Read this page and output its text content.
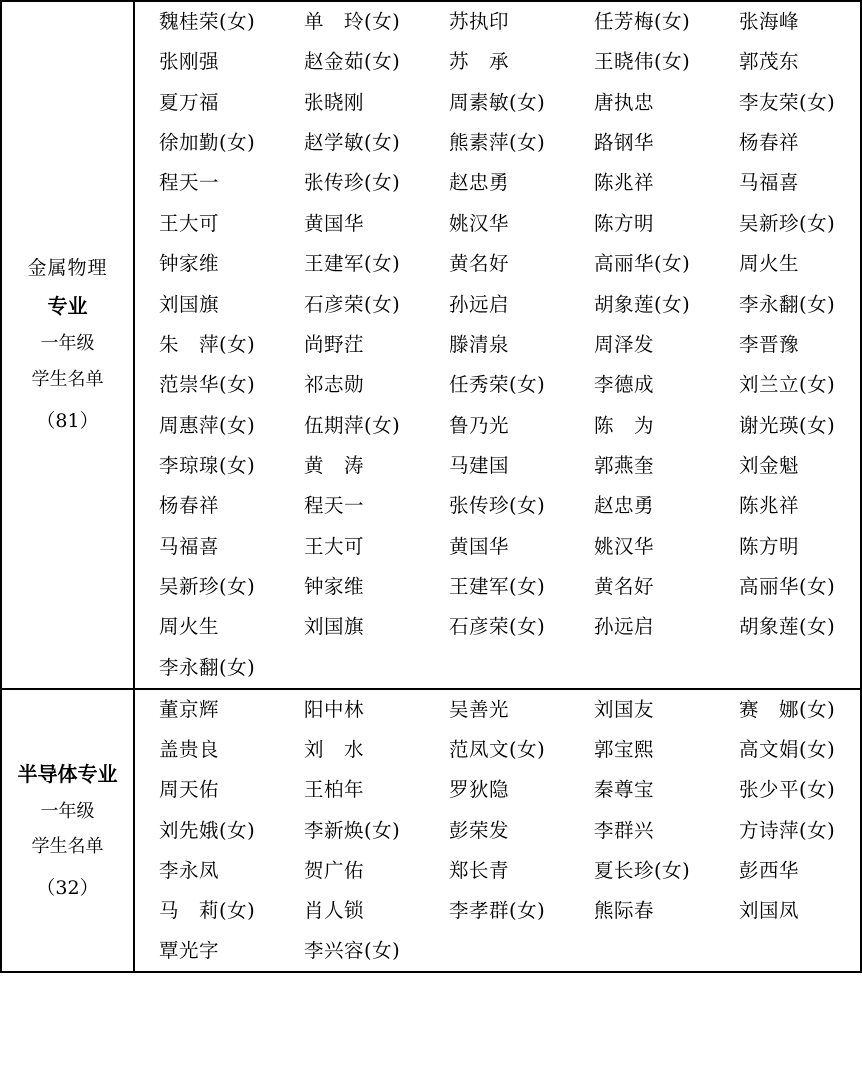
金属物理
专业
一年级
学生名单
（81）

魏桂荣(女)	单　玲(女)	苏执印	任芳梅(女)	张海峰
张刚强	赵金茹(女)	苏　承	王晓伟(女)	郭茂东
夏万福	张晓刚	周素敏(女)	唐执忠	李友荣(女)
徐加勤(女)	赵学敏(女)	熊素萍(女)	路钢华	杨春祥
程天一	张传珍(女)	赵忠勇	陈兆祥	马福喜
王大可	黄国华	姚汉华	陈方明	吴新珍(女)
钟家维	王建军(女)	黄名好	高丽华(女)	周火生
刘国旗	石彦荣(女)	孙远启	胡象莲(女)	李永翻(女)
朱　萍(女)	尚野茳	滕清泉	周泽发	李晋豫
范崇华(女)	祁志勋	任秀荣(女)	李德成	刘兰立(女)
周惠萍(女)	伍期萍(女)	鲁乃光	陈　为	谢光瑛(女)
李琼瑔(女)	黄　涛	马建国	郭燕奎	刘金魁
杨春祥	程天一	张传珍(女)	赵忠勇	陈兆祥
马福喜	王大可	黄国华	姚汉华	陈方明
吴新珍(女)	钟家维	王建军(女)	黄名好	高丽华(女)
周火生	刘国旗	石彦荣(女)	孙远启	胡象莲(女)
李永翻(女)

半导体专业
一年级
学生名单
（32）

董京辉	阳中林	吴善光	刘国友	赛　娜(女)
盖贵良	刘　水	范凤文(女)	郭宝熙	高文娟(女)
周天佑	王柏年	罗狄隐	秦尊宝	张少平(女)
刘先娥(女)	李新焕(女)	彭荣发	李群兴	方诗萍(女)
李永凤	贺广佑	郑长青	夏长珍(女)	彭西华
马　莉(女)	肖人锁	李孝群(女)	熊际春	刘国凤
覃光字	李兴容(女)
